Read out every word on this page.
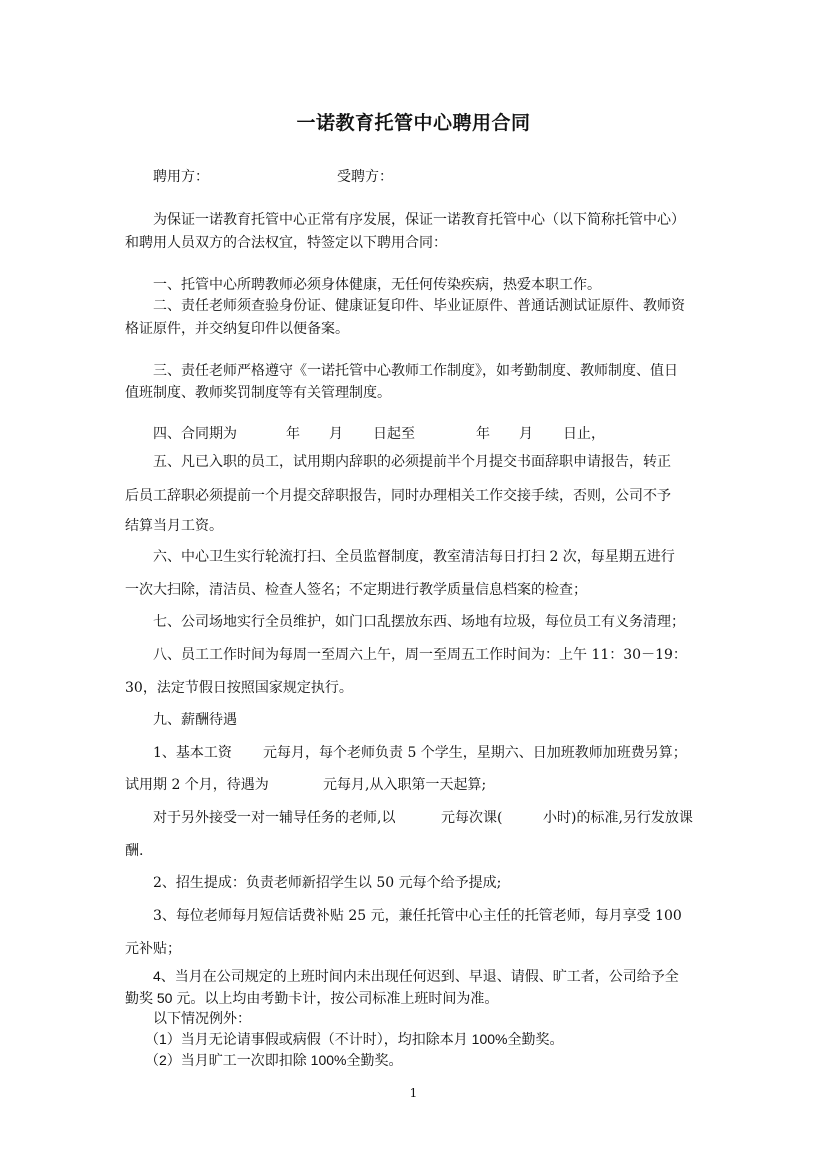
一诺教育托管中心聘用合同
聘用方：	受聘方：
为保证一诺教育托管中心正常有序发展，保证一诺教育托管中心（以下简称托管中心）
和聘用人员双方的合法权宜，特签定以下聘用合同：
一、托管中心所聘教师必须身体健康，无任何传染疾病，热爱本职工作。
二、责任老师须查验身份证、健康证复印件、毕业证原件、普通话测试证原件、教师资
格证原件，并交纳复印件以便备案。
三、责任老师严格遵守《一诺托管中心教师工作制度》，如考勤制度、教师制度、值日
值班制度、教师奖罚制度等有关管理制度。
四、合同期为	年 月 日起至	年 月 日止，
五、凡已入职的员工，试用期内辞职的必须提前半个月提交书面辞职申请报告，转正
后员工辞职必须提前一个月提交辞职报告，同时办理相关工作交接手续，否则，公司不予
结算当月工资。
六、中心卫生实行轮流打扫、全员监督制度，教室清洁每日打扫 2 次，每星期五进行
一次大扫除，清洁员、检查人签名；不定期进行教学质量信息档案的检查；
七、公司场地实行全员维护，如门口乱摆放东西、场地有垃圾，每位员工有义务清理；
八、员工工作时间为每周一至周六上午，周一至周五工作时间为：上午 11：30－19：
30，法定节假日按照国家规定执行。
九、薪酬待遇
1、基本工资 元每月，每个老师负责 5 个学生，星期六、日加班教师加班费另算；
试用期 2 个月，待遇为	元每月,从入职第一天起算;
对于另外接受一对一辅导任务的老师,以	元每次课(	小时)的标准,另行发放课
酬.
2、招生提成：负责老师新招学生以 50 元每个给予提成;
3、每位老师每月短信话费补贴 25 元，兼任托管中心主任的托管老师，每月享受 100
元补贴；
4、当月在公司规定的上班时间内未出现任何迟到、早退、请假、旷工者，公司给予全
勤奖 50 元。以上均由考勤卡计，按公司标准上班时间为准。
以下情况例外：
（1）当月无论请事假或病假（不计时），均扣除本月 100%全勤奖。
（2）当月旷工一次即扣除 100%全勤奖。
1
